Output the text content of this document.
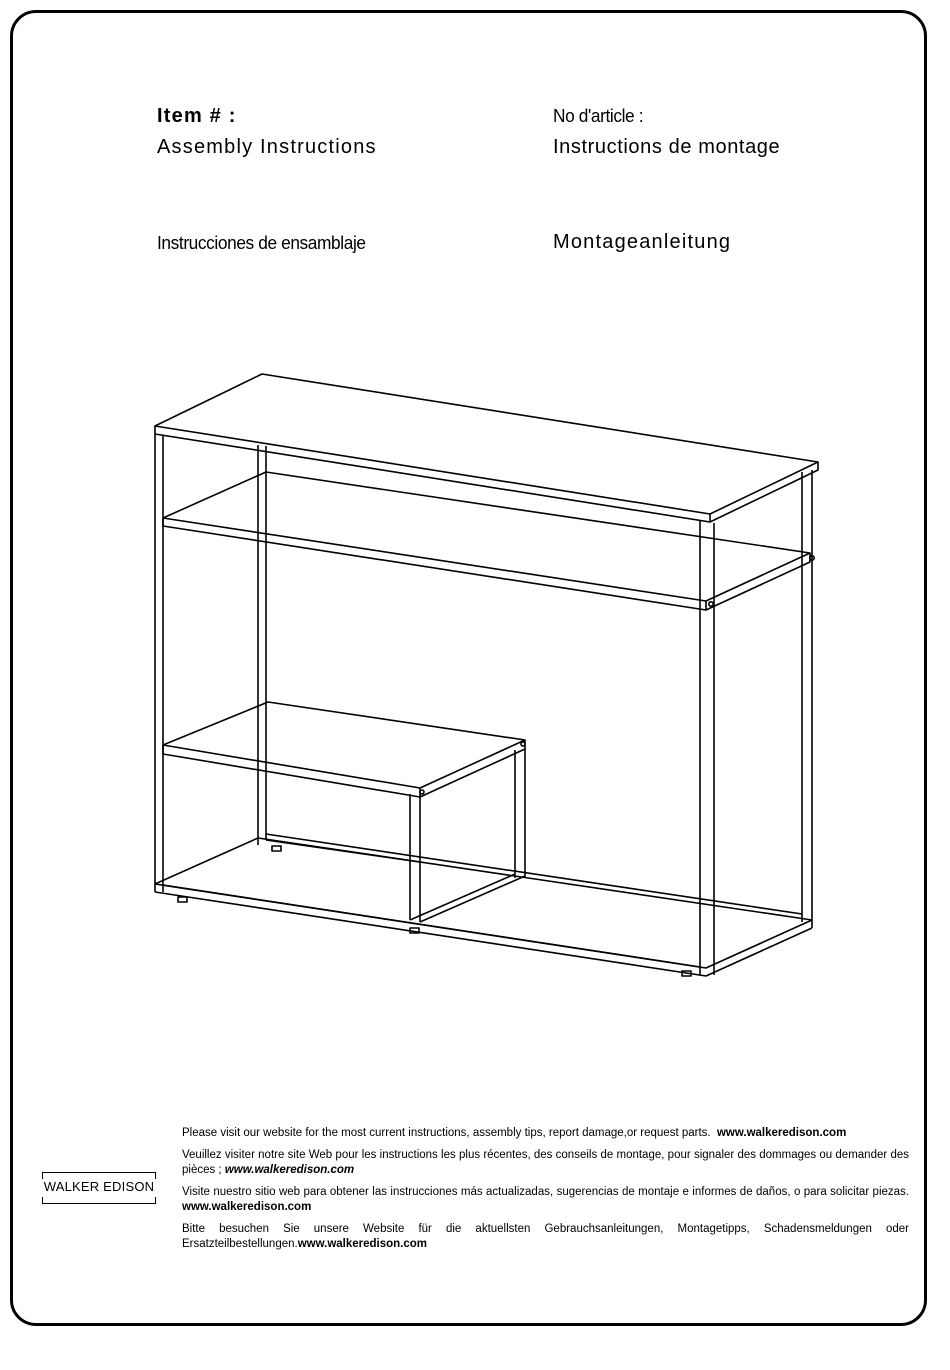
Item # :	No d'article :
Assembly Instructions	Instructions de montage
Instrucciones de ensamblaje	Montageanleitung
WALKER EDISON

Please visit our website for the most current instructions, assembly tips, report damage,or request parts. www.walkeredison.com

Veuillez visiter notre site Web pour les instructions les plus récentes, des conseils de montage, pour signaler des dommages ou demander des pièces ; www.walkeredison.com

Visite nuestro sitio web para obtener las instrucciones más actualizadas, sugerencias de montaje e informes de daños, o para solicitar piezas. www.walkeredison.com

Bitte besuchen Sie unsere Website für die aktuellsten Gebrauchsanleitungen, Montagetipps, Schadensmeldungen oder Ersatzteilbestellungen.www.walkeredison.com
